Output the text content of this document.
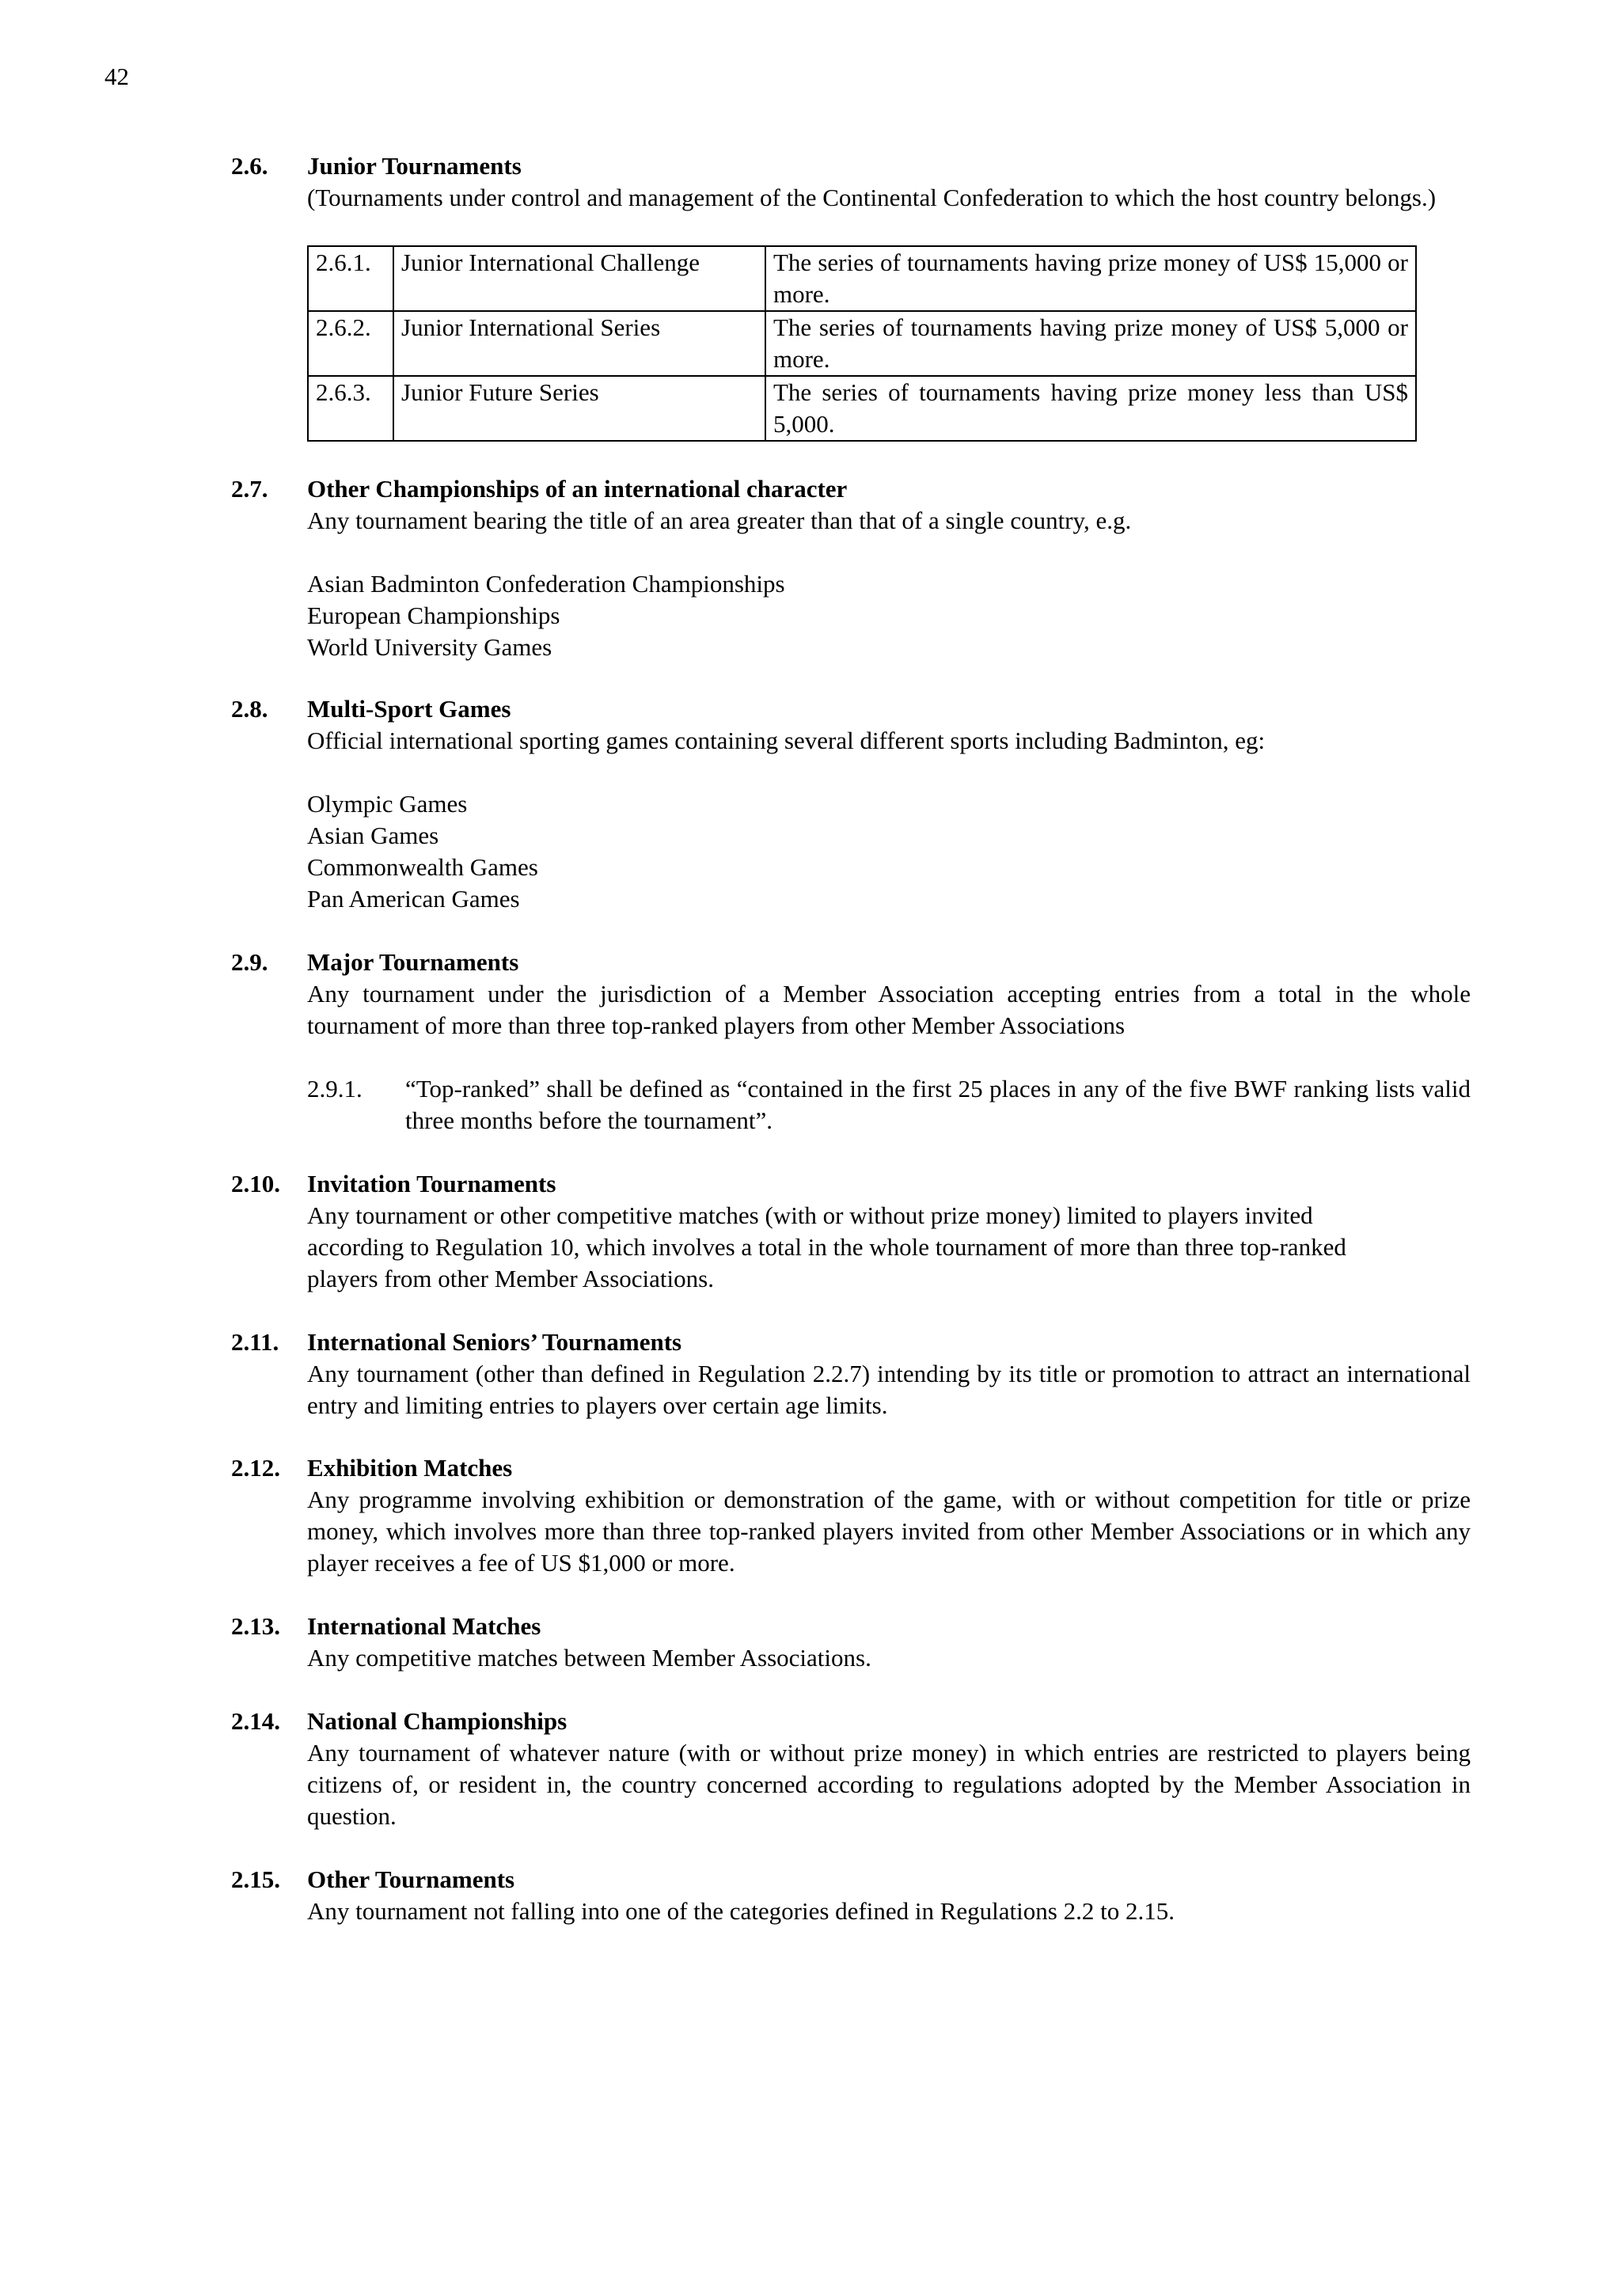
42
2.6. Junior Tournaments
(Tournaments under control and management of the Continental Confederation to which the host country belongs.)
2.6.1.	Junior International Challenge	The series of tournaments having prize money of US$ 15,000 or more.
2.6.2.	Junior International Series	The series of tournaments having prize money of US$ 5,000 or more.
2.6.3.	Junior Future Series	The series of tournaments having prize money less than US$ 5,000.
2.7. Other Championships of an international character
Any tournament bearing the title of an area greater than that of a single country, e.g.
Asian Badminton Confederation Championships
European Championships
World University Games
2.8. Multi-Sport Games
Official international sporting games containing several different sports including Badminton, eg:
Olympic Games
Asian Games
Commonwealth Games
Pan American Games
2.9. Major Tournaments
Any tournament under the jurisdiction of a Member Association accepting entries from a total in the whole tournament of more than three top-ranked players from other Member Associations
2.9.1. “Top-ranked” shall be defined as “contained in the first 25 places in any of the five BWF ranking lists valid three months before the tournament”.
2.10. Invitation Tournaments
Any tournament or other competitive matches (with or without prize money) limited to players invited
according to Regulation 10, which involves a total in the whole tournament of more than three top-ranked
players from other Member Associations.
2.11. International Seniors’ Tournaments
Any tournament (other than defined in Regulation 2.2.7) intending by its title or promotion to attract an international entry and limiting entries to players over certain age limits.
2.12. Exhibition Matches
Any programme involving exhibition or demonstration of the game, with or without competition for title or prize money, which involves more than three top-ranked players invited from other Member Associations or in which any player receives a fee of US $1,000 or more.
2.13. International Matches
Any competitive matches between Member Associations.
2.14. National Championships
Any tournament of whatever nature (with or without prize money) in which entries are restricted to players being citizens of, or resident in, the country concerned according to regulations adopted by the Member Association in question.
2.15. Other Tournaments
Any tournament not falling into one of the categories defined in Regulations 2.2 to 2.15.
